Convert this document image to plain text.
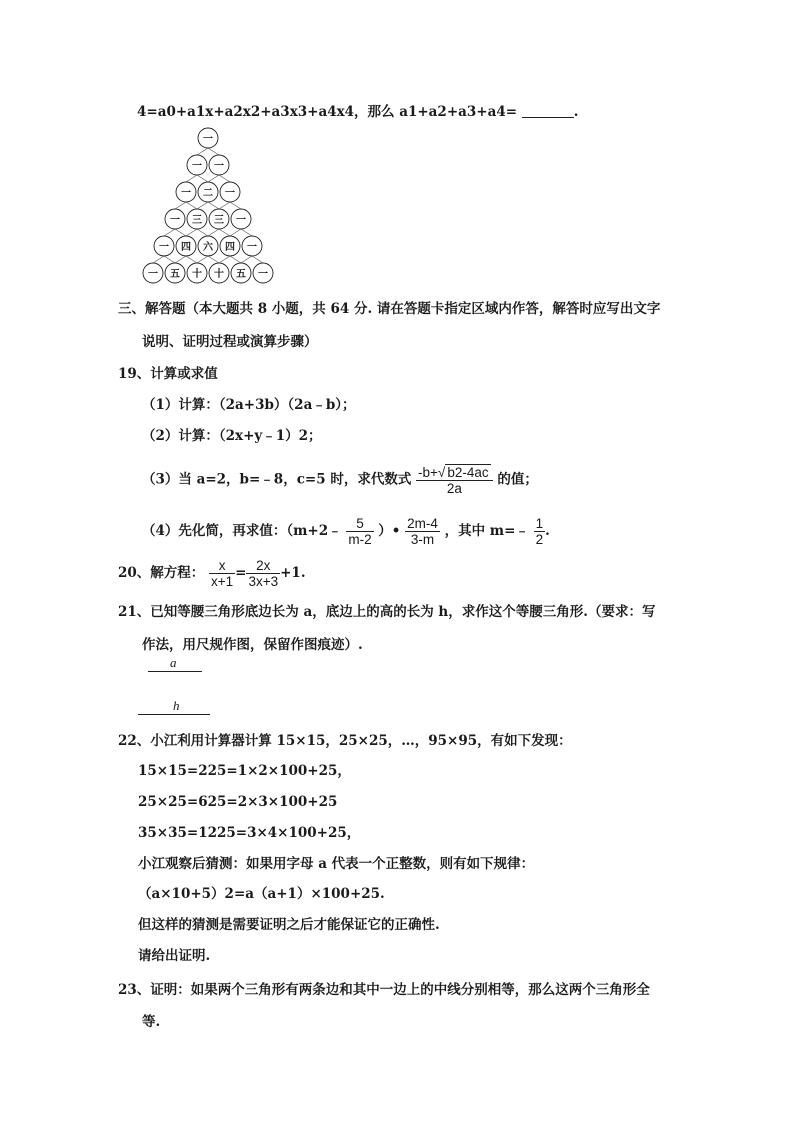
4=a0+a1x+a2x2+a3x3+a4x4，那么 a1+a2+a3+a4=	.
一
一 一
一 二 一
一 三 三 一
一 四 六 四 一
一 五 十 十 五 一
三、解答题（本大题共 8 小题，共 64 分. 请在答题卡指定区域内作答，解答时应写出文字
说明、证明过程或演算步骤）
19、计算或求值
（1）计算：（2a+3b）（2a﹣b）；
（2）计算：（2x+y﹣1）2；
（3）当 a=2，b=﹣8，c=5 时，求代数式 $\frac{-b+√ b2-4ac}{2a}$ 的值；
（4）先化简，再求值：（m+2﹣ $\frac{5}{m-2}$ ）• $\frac{2m-4}{3-m}$ ，其中 m=﹣ $\frac{1}{2}$ .
20、解方程： $\frac{x}{x+1} = \frac{2x}{3x+3} +1$.
21、已知等腰三角形底边长为 a，底边上的高的长为 h，求作这个等腰三角形.（要求：写
作法，用尺规作图，保留作图痕迹）.
a
h
22、小江利用计算器计算 15×15，25×25，…，95×95，有如下发现：
15×15=225=1×2×100+25，
25×25=625=2×3×100+25
35×35=1225=3×4×100+25，
小江观察后猜测：如果用字母 a 代表一个正整数，则有如下规律：
（a×10+5）2=a（a+1）×100+25.
但这样的猜测是需要证明之后才能保证它的正确性.
请给出证明.
23、证明：如果两个三角形有两条边和其中一边上的中线分别相等，那么这两个三角形全
等.
